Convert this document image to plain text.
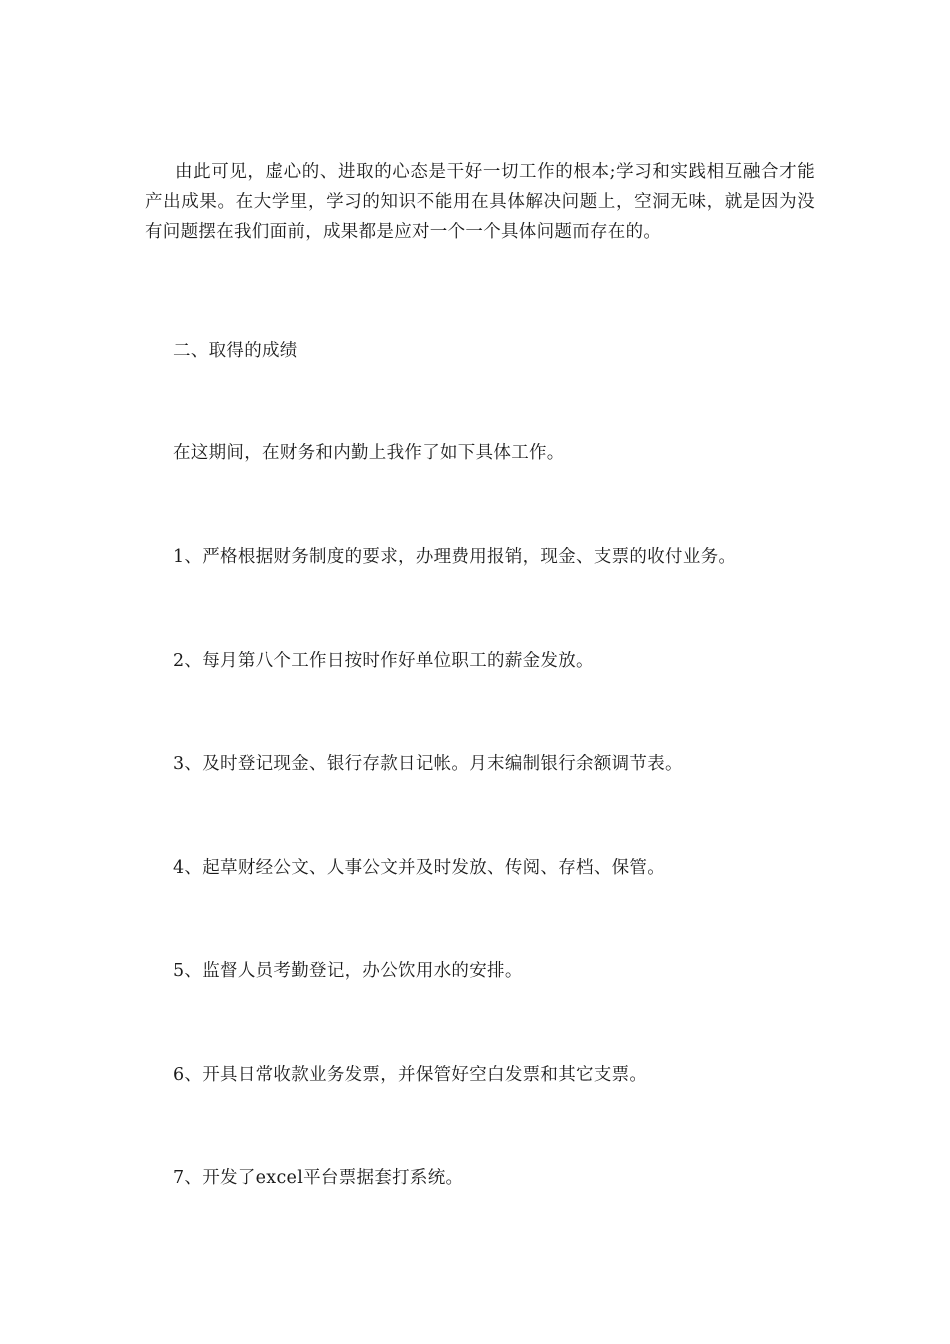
由此可见，虚心的、进取的心态是干好一切工作的根本;学习和实践相互融合才能产出成果。在大学里，学习的知识不能用在具体解决问题上，空洞无味，就是因为没有问题摆在我们面前，成果都是应对一个一个具体问题而存在的。

二、取得的成绩

在这期间，在财务和内勤上我作了如下具体工作。

1、严格根据财务制度的要求，办理费用报销，现金、支票的收付业务。

2、每月第八个工作日按时作好单位职工的薪金发放。

3、及时登记现金、银行存款日记帐。月末编制银行余额调节表。

4、起草财经公文、人事公文并及时发放、传阅、存档、保管。

5、监督人员考勤登记，办公饮用水的安排。

6、开具日常收款业务发票，并保管好空白发票和其它支票。

7、开发了excel平台票据套打系统。
